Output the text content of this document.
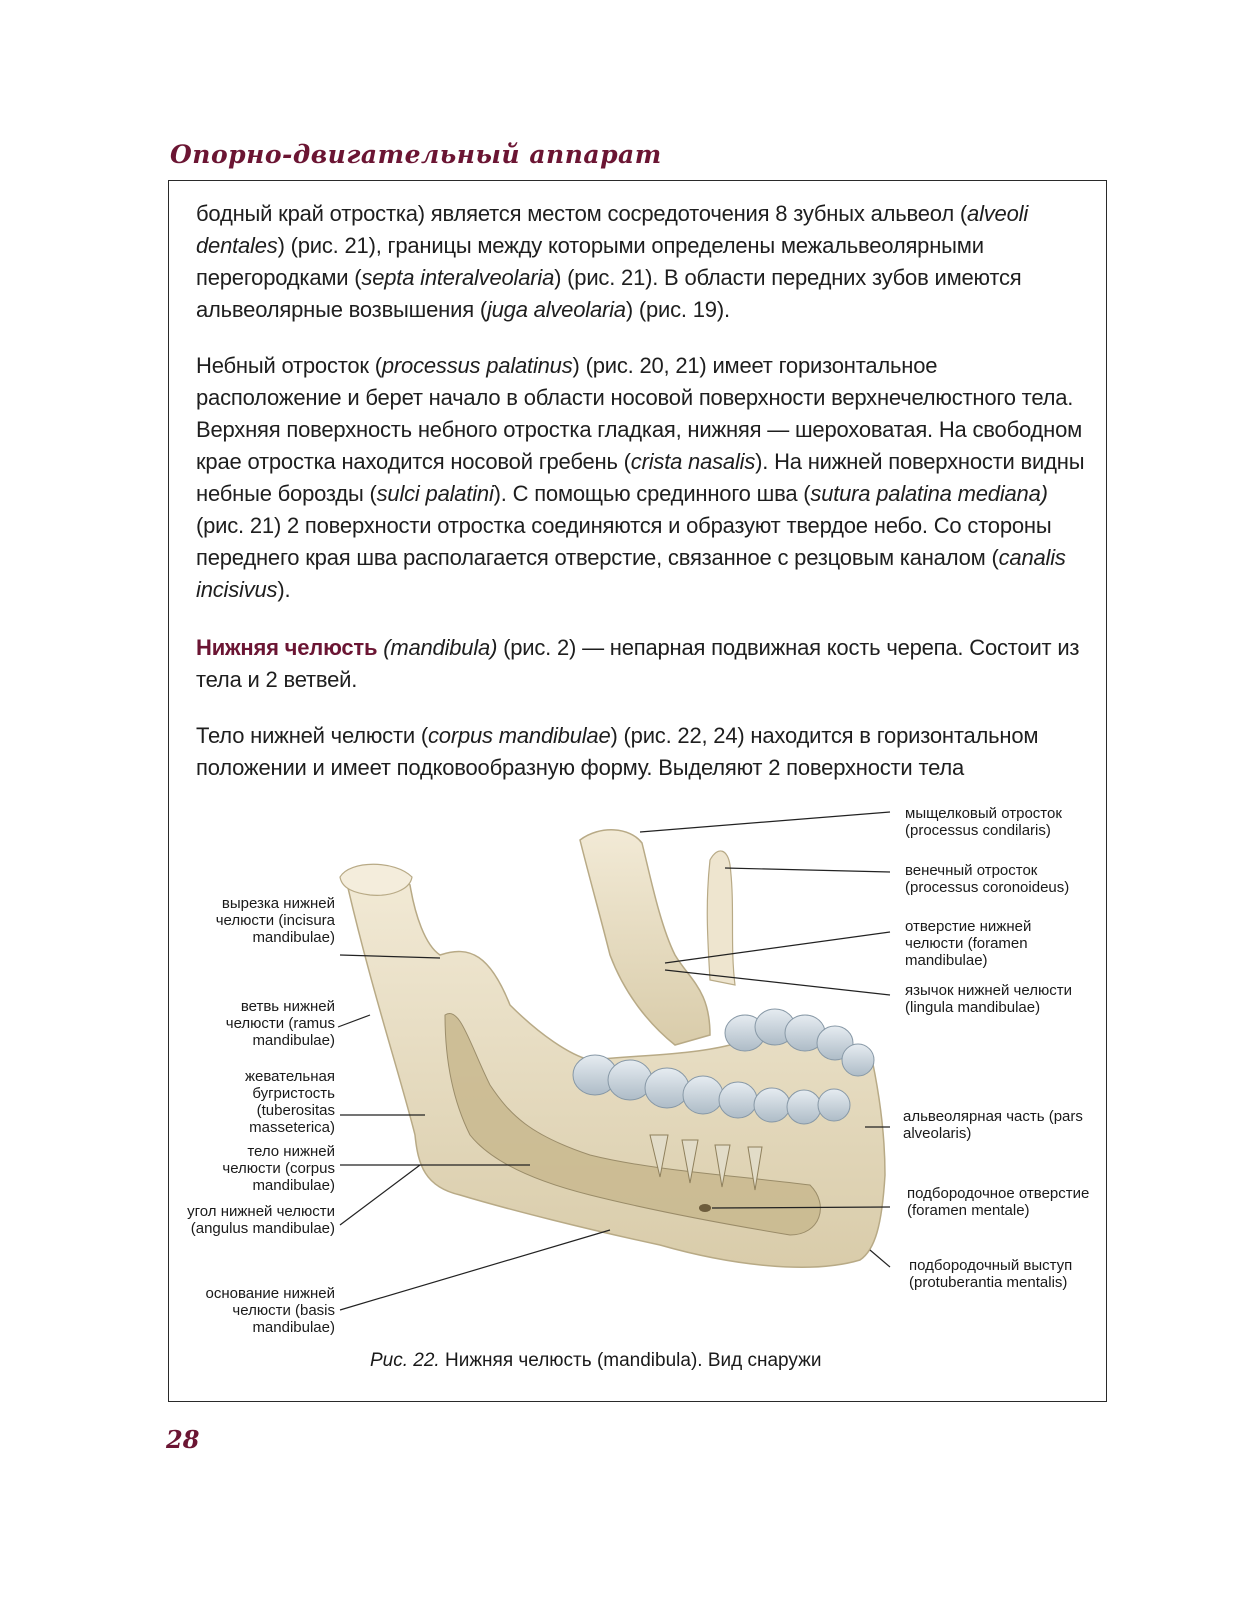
Опорно-двигательный аппарат
бодный край отростка) является местом сосредоточения 8 зубных альвеол (alveoli dentales) (рис. 21), границы между которыми определены межальвеолярными перегородками (septa interalveolaria) (рис. 21). В области передних зубов имеются альвеолярные возвышения (juga alveolaria) (рис. 19).
Небный отросток (processus palatinus) (рис. 20, 21) имеет горизонтальное расположение и берет начало в области носовой поверхности верхнечелюстного тела. Верхняя поверхность небного отростка гладкая, нижняя — шероховатая. На свободном крае отростка находится носовой гребень (crista nasalis). На нижней поверхности видны небные борозды (sulci palatini). С помощью срединного шва (sutura palatina mediana) (рис. 21) 2 поверхности отростка соединяются и образуют твердое небо. Со стороны переднего края шва располагается отверстие, связанное с резцовым каналом (canalis incisivus).
Нижняя челюсть (mandibula) (рис. 2) — непарная подвижная кость черепа. Состоит из тела и 2 ветвей.
Тело нижней челюсти (corpus mandibulae) (рис. 22, 24) находится в горизонтальном положении и имеет подковообразную форму. Выделяют 2 поверхности тела
вырезка нижней челюсти (incisura mandibulae)
ветвь нижней челюсти (ramus mandibulae)
жевательная бугристость (tuberositas masseterica)
тело нижней челюсти (corpus mandibulae)
угол нижней челюсти (angulus mandibulae)
основание нижней челюсти (basis mandibulae)
мыщелковый отросток (processus condilaris)
венечный отросток (processus coronoideus)
отверстие нижней челюсти (foramen mandibulae)
язычок нижней челюсти (lingula mandibulae)
альвеолярная часть (pars alveolaris)
подбородочное отверстие (foramen mentale)
подбородочный выступ (protuberantia mentalis)
Рис. 22. Нижняя челюсть (mandibula). Вид снаружи
28
